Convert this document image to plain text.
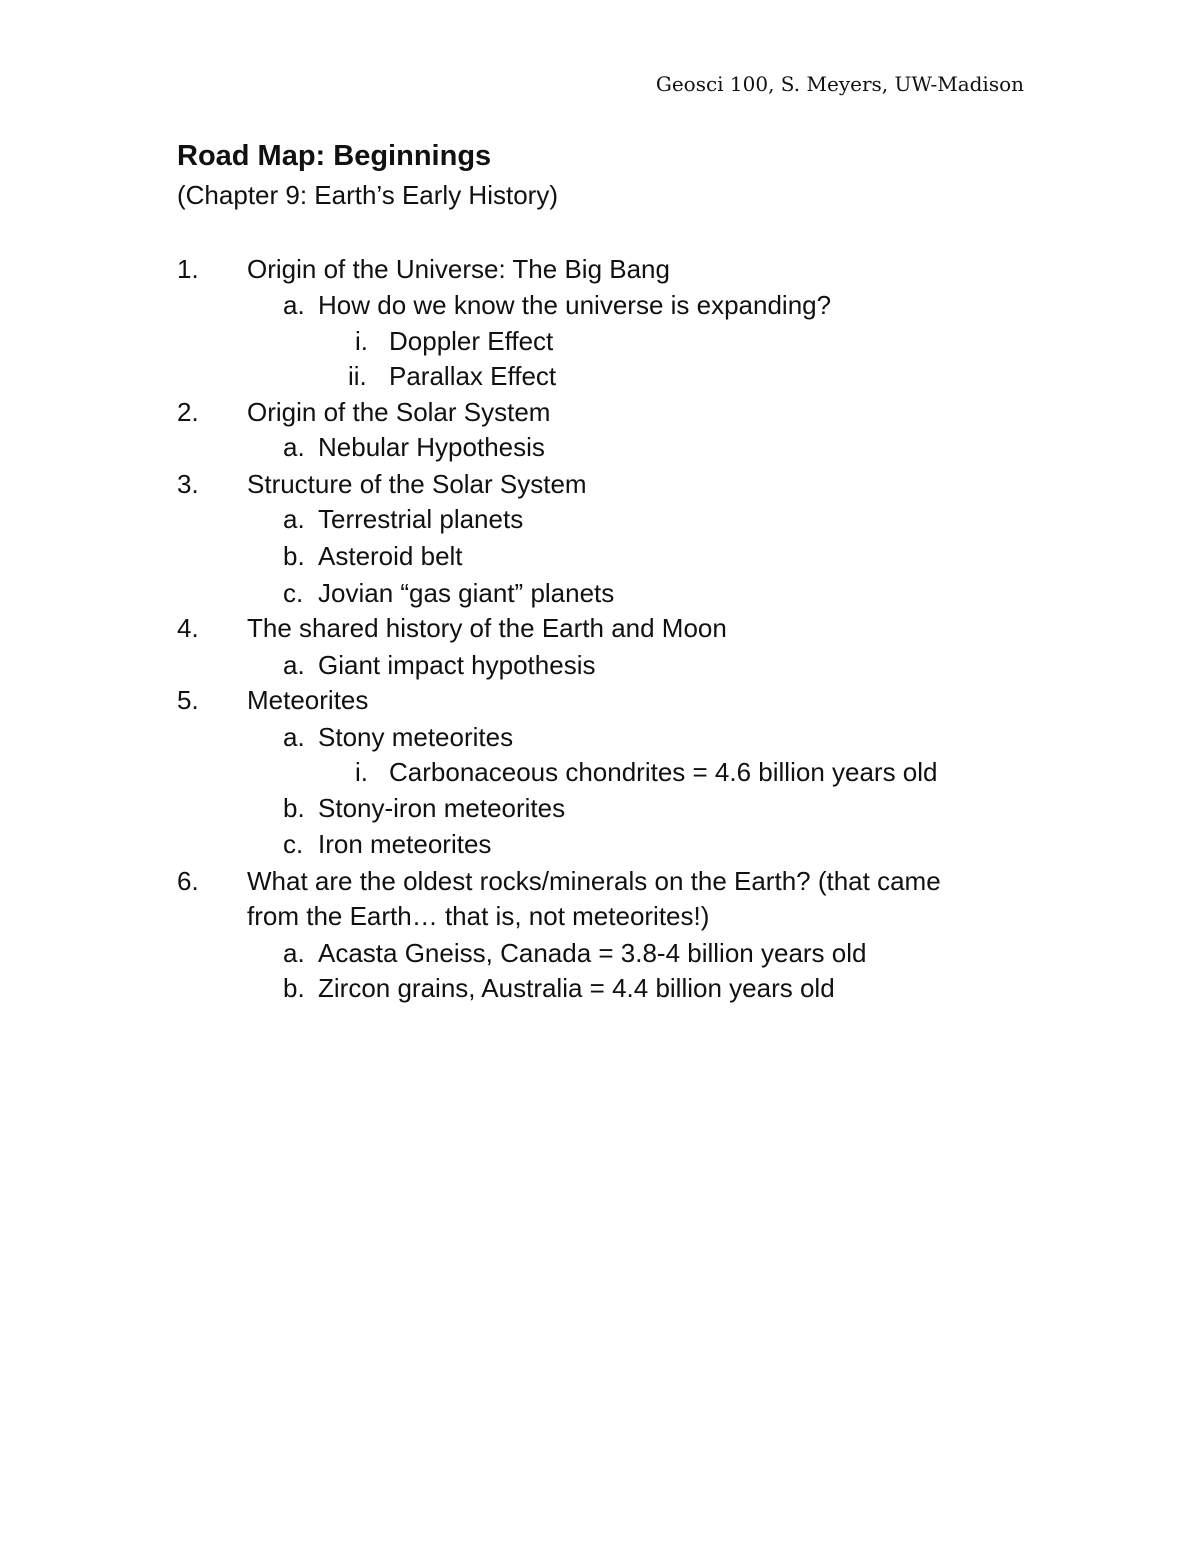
Geosci 100, S. Meyers, UW-Madison
Road Map: Beginnings
(Chapter 9: Earth’s Early History)
1. Origin of the Universe: The Big Bang
a. How do we know the universe is expanding?
i. Doppler Effect
ii. Parallax Effect
2. Origin of the Solar System
a. Nebular Hypothesis
3. Structure of the Solar System
a. Terrestrial planets
b. Asteroid belt
c. Jovian “gas giant” planets
4. The shared history of the Earth and Moon
a. Giant impact hypothesis
5. Meteorites
a. Stony meteorites
i. Carbonaceous chondrites = 4.6 billion years old
b. Stony-iron meteorites
c. Iron meteorites
6. What are the oldest rocks/minerals on the Earth? (that came
from the Earth… that is, not meteorites!)
a. Acasta Gneiss, Canada = 3.8-4 billion years old
b. Zircon grains, Australia = 4.4 billion years old
